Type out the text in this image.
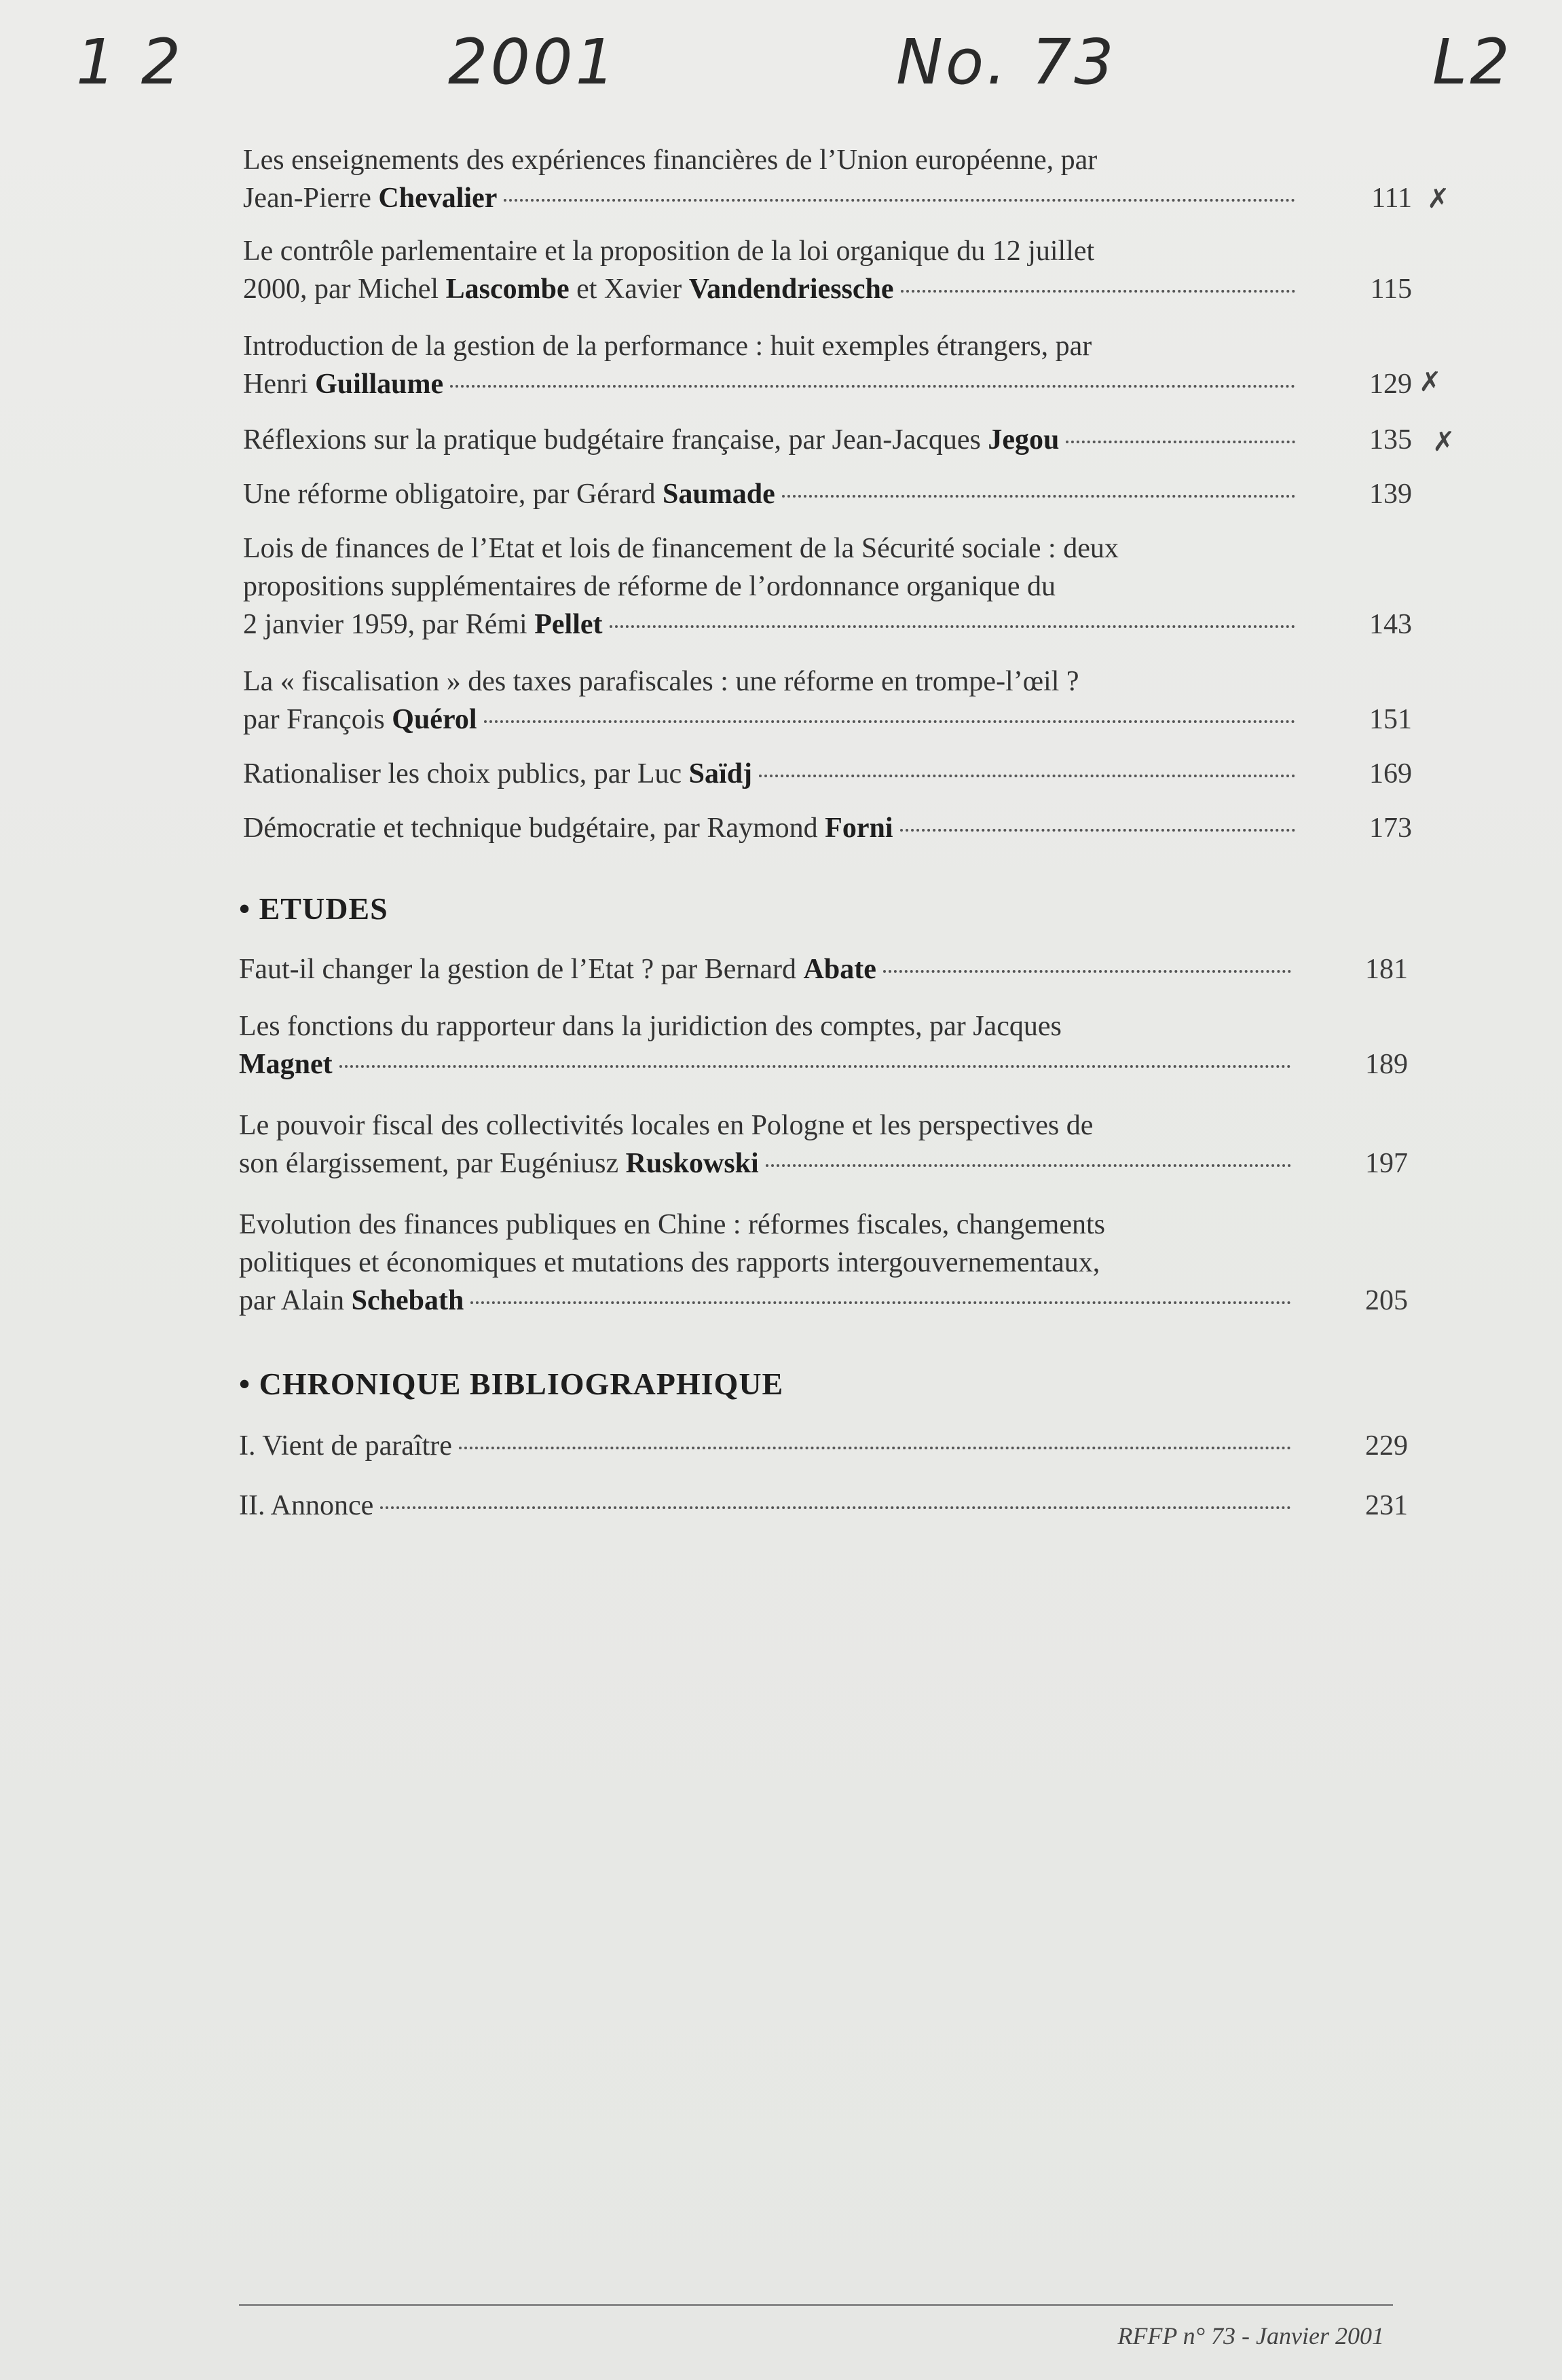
1 2	2001	No. 73	L2

Les enseignements des expériences financières de l’Union européenne, par
Jean-Pierre Chevalier	111
Le contrôle parlementaire et la proposition de la loi organique du 12 juillet
2000, par Michel Lascombe et Xavier Vandendriessche	115
Introduction de la gestion de la performance : huit exemples étrangers, par
Henri Guillaume	129
Réflexions sur la pratique budgétaire française, par Jean-Jacques Jegou	135
Une réforme obligatoire, par Gérard Saumade	139
Lois de finances de l’Etat et lois de financement de la Sécurité sociale : deux
propositions supplémentaires de réforme de l’ordonnance organique du
2 janvier 1959, par Rémi Pellet	143
La « fiscalisation » des taxes parafiscales : une réforme en trompe-l’œil ?
par François Quérol	151
Rationaliser les choix publics, par Luc Saïdj	169
Démocratie et technique budgétaire, par Raymond Forni	173
• ETUDES
Faut-il changer la gestion de l’Etat ? par Bernard Abate	181
Les fonctions du rapporteur dans la juridiction des comptes, par Jacques
Magnet	189
Le pouvoir fiscal des collectivités locales en Pologne et les perspectives de
son élargissement, par Eugéniusz Ruskowski	197
Evolution des finances publiques en Chine : réformes fiscales, changements
politiques et économiques et mutations des rapports intergouvernementaux,
par Alain Schebath	205
• CHRONIQUE BIBLIOGRAPHIQUE
I. Vient de paraître	229
II. Annonce	231
RFFP n° 73 - Janvier 2001
✗
✗
✗
